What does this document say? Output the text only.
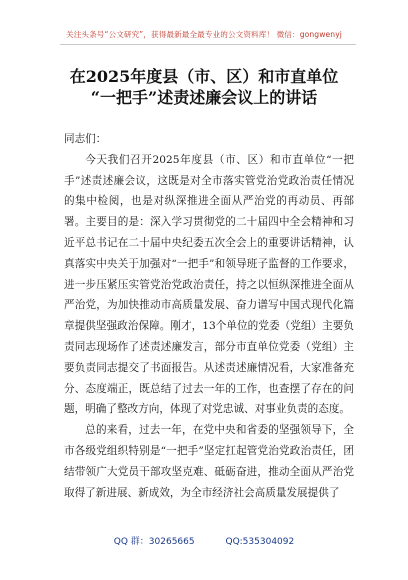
关注头条号“公文研究”，获得最新最全最专业的公文资料库！ 微信：gongwenyj
在2025年度县（市、区）和市直单位
“一把手”述责述廉会议上的讲话

同志们：

今天我们召开2025年度县（市、区）和市直单位“一把手”述责述廉会议，这既是对全市落实管党治党政治责任情况的集中检阅，也是对纵深推进全面从严治党的再动员、再部署。主要目的是：深入学习贯彻党的二十届四中全会精神和习近平总书记在二十届中央纪委五次全会上的重要讲话精神，认真落实中央关于加强对“一把手”和领导班子监督的工作要求，进一步压紧压实管党治党政治责任，持之以恒纵深推进全面从严治党，为加快推动市高质量发展、奋力谱写中国式现代化篇章提供坚强政治保障。刚才，13个单位的党委（党组）主要负责同志现场作了述责述廉发言，部分市直单位党委（党组）主要负责同志提交了书面报告。从述责述廉情况看，大家准备充分、态度端正，既总结了过去一年的工作，也查摆了存在的问题，明确了整改方向，体现了对党忠诚、对事业负责的态度。

总的来看，过去一年，在党中央和省委的坚强领导下，全市各级党组织特别是“一把手”坚定扛起管党治党政治责任，团结带领广大党员干部攻坚克难、砥砺奋进，推动全面从严治党取得了新进展、新成效，为全市经济社会高质量发展提供了

QQ 群：30265665	QQ:535304092
